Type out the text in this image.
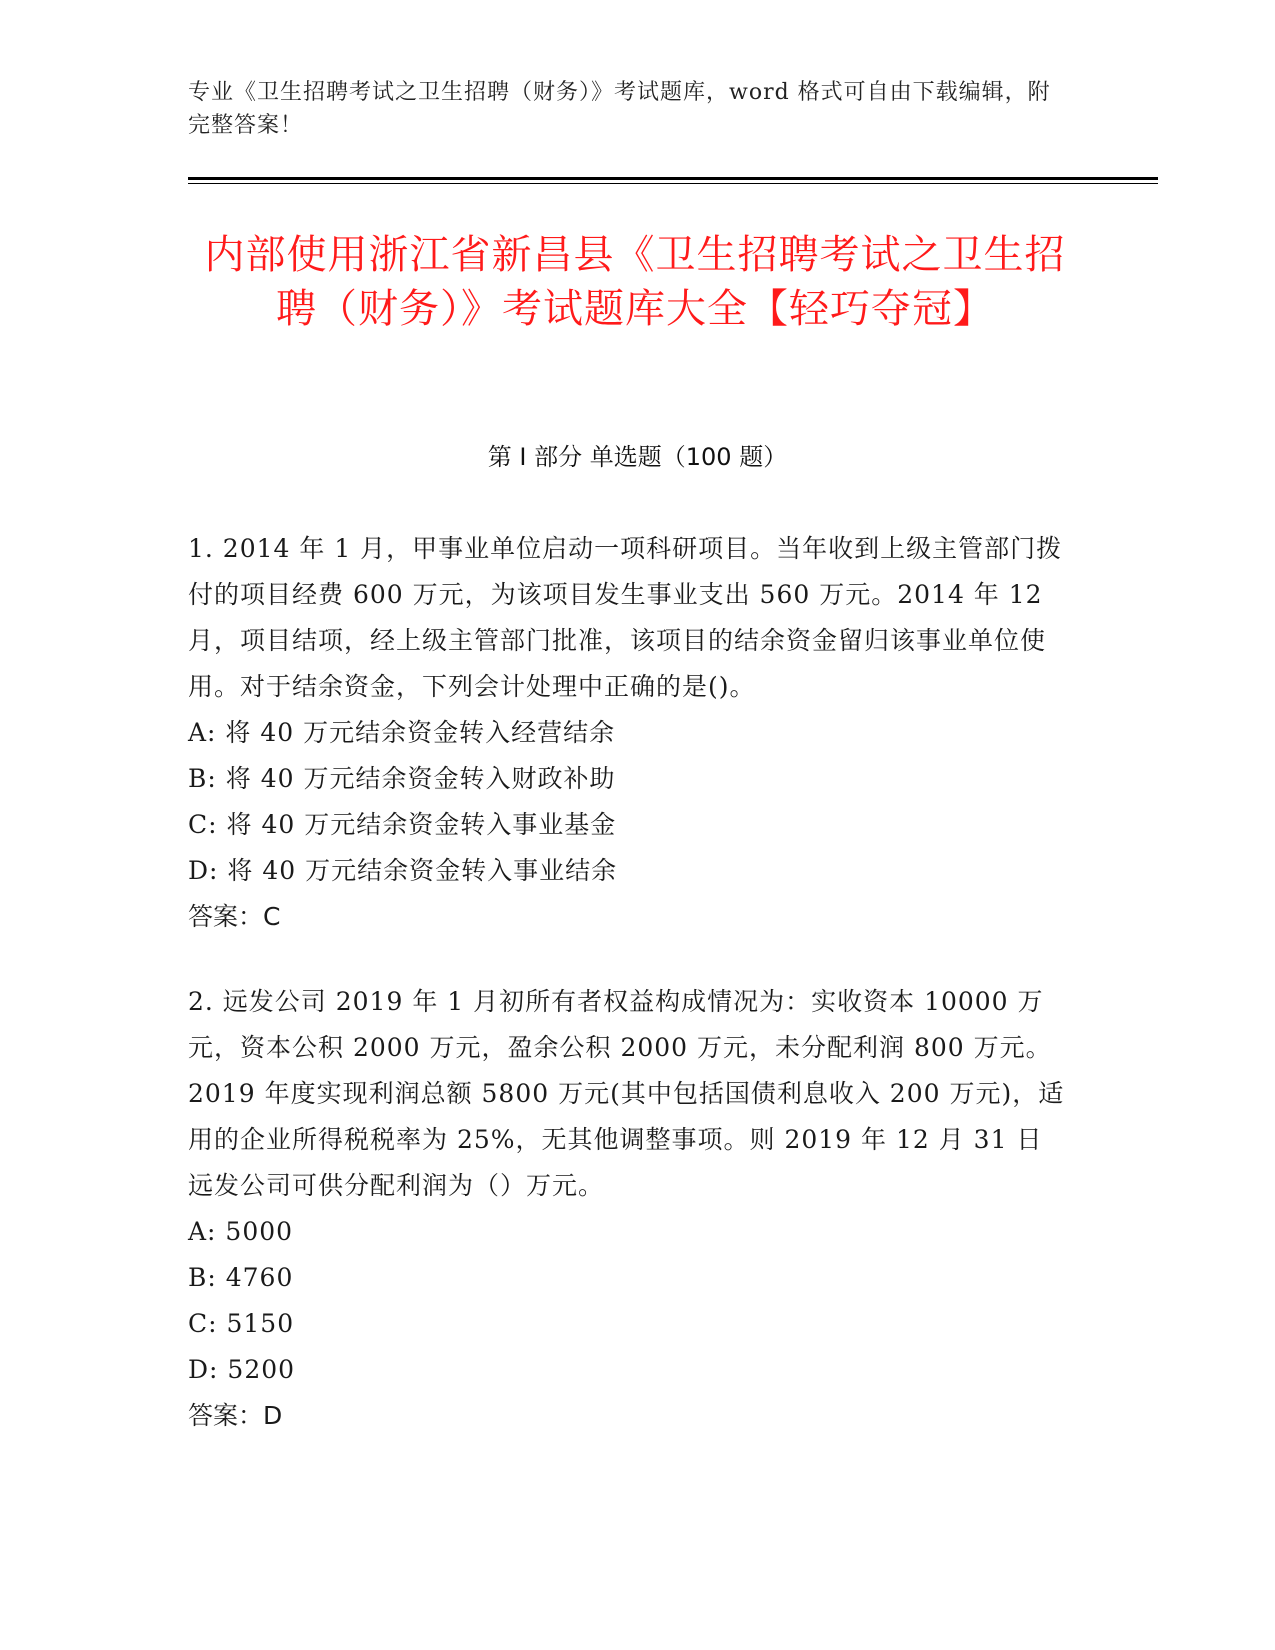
专业《卫生招聘考试之卫生招聘（财务）》考试题库，word 格式可自由下载编辑，附完整答案！
内部使用浙江省新昌县《卫生招聘考试之卫生招聘（财务）》考试题库大全【轻巧夺冠】
第 I 部分 单选题（100 题）

1. 2014 年 1 月，甲事业单位启动一项科研项目。当年收到上级主管部门拨付的项目经费 600 万元，为该项目发生事业支出 560 万元。2014 年 12 月，项目结项，经上级主管部门批准，该项目的结余资金留归该事业单位使用。对于结余资金，下列会计处理中正确的是()。

A: 将 40 万元结余资金转入经营结余

B: 将 40 万元结余资金转入财政补助

C: 将 40 万元结余资金转入事业基金

D: 将 40 万元结余资金转入事业结余

答案：C

2. 远发公司 2019 年 1 月初所有者权益构成情况为：实收资本 10000 万元，资本公积 2000 万元，盈余公积 2000 万元，未分配利润 800 万元。2019 年度实现利润总额 5800 万元(其中包括国债利息收入 200 万元)，适用的企业所得税税率为 25%，无其他调整事项。则 2019 年 12 月 31 日远发公司可供分配利润为（）万元。

A: 5000

B: 4760

C: 5150

D: 5200

答案：D
